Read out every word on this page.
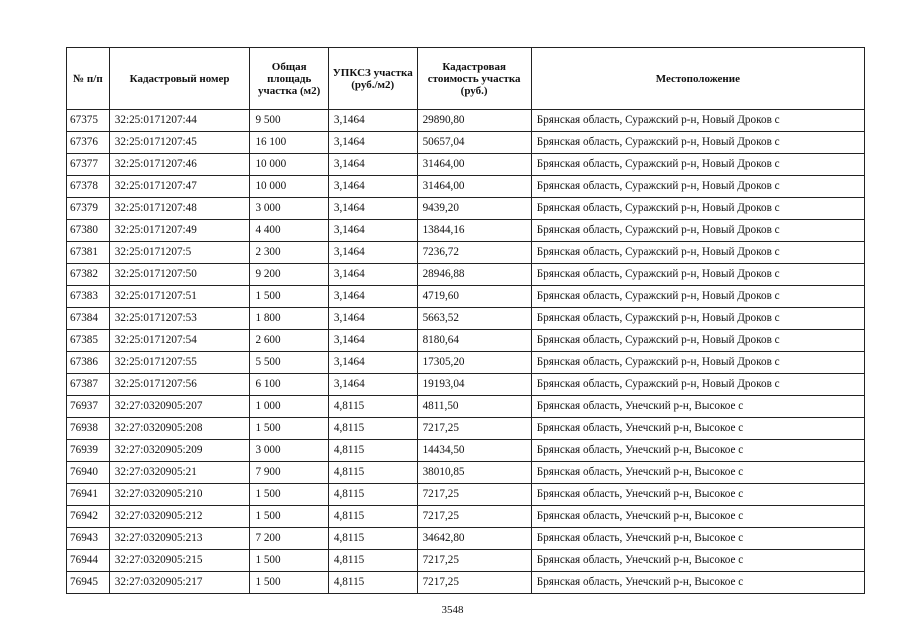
№ п/п	Кадастровый номер	Общая площадь участка (м2)	УПКСЗ участка (руб./м2)	Кадастровая стоимость участка (руб.)	Местоположение
67375	32:25:0171207:44	9 500	3,1464	29890,80	Брянская область, Суражский р-н, Новый Дроков с
67376	32:25:0171207:45	16 100	3,1464	50657,04	Брянская область, Суражский р-н, Новый Дроков с
67377	32:25:0171207:46	10 000	3,1464	31464,00	Брянская область, Суражский р-н, Новый Дроков с
67378	32:25:0171207:47	10 000	3,1464	31464,00	Брянская область, Суражский р-н, Новый Дроков с
67379	32:25:0171207:48	3 000	3,1464	9439,20	Брянская область, Суражский р-н, Новый Дроков с
67380	32:25:0171207:49	4 400	3,1464	13844,16	Брянская область, Суражский р-н, Новый Дроков с
67381	32:25:0171207:5	2 300	3,1464	7236,72	Брянская область, Суражский р-н, Новый Дроков с
67382	32:25:0171207:50	9 200	3,1464	28946,88	Брянская область, Суражский р-н, Новый Дроков с
67383	32:25:0171207:51	1 500	3,1464	4719,60	Брянская область, Суражский р-н, Новый Дроков с
67384	32:25:0171207:53	1 800	3,1464	5663,52	Брянская область, Суражский р-н, Новый Дроков с
67385	32:25:0171207:54	2 600	3,1464	8180,64	Брянская область, Суражский р-н, Новый Дроков с
67386	32:25:0171207:55	5 500	3,1464	17305,20	Брянская область, Суражский р-н, Новый Дроков с
67387	32:25:0171207:56	6 100	3,1464	19193,04	Брянская область, Суражский р-н, Новый Дроков с
76937	32:27:0320905:207	1 000	4,8115	4811,50	Брянская область, Унечский р-н, Высокое с
76938	32:27:0320905:208	1 500	4,8115	7217,25	Брянская область, Унечский р-н, Высокое с
76939	32:27:0320905:209	3 000	4,8115	14434,50	Брянская область, Унечский р-н, Высокое с
76940	32:27:0320905:21	7 900	4,8115	38010,85	Брянская область, Унечский р-н, Высокое с
76941	32:27:0320905:210	1 500	4,8115	7217,25	Брянская область, Унечский р-н, Высокое с
76942	32:27:0320905:212	1 500	4,8115	7217,25	Брянская область, Унечский р-н, Высокое с
76943	32:27:0320905:213	7 200	4,8115	34642,80	Брянская область, Унечский р-н, Высокое с
76944	32:27:0320905:215	1 500	4,8115	7217,25	Брянская область, Унечский р-н, Высокое с
76945	32:27:0320905:217	1 500	4,8115	7217,25	Брянская область, Унечский р-н, Высокое с
3548
